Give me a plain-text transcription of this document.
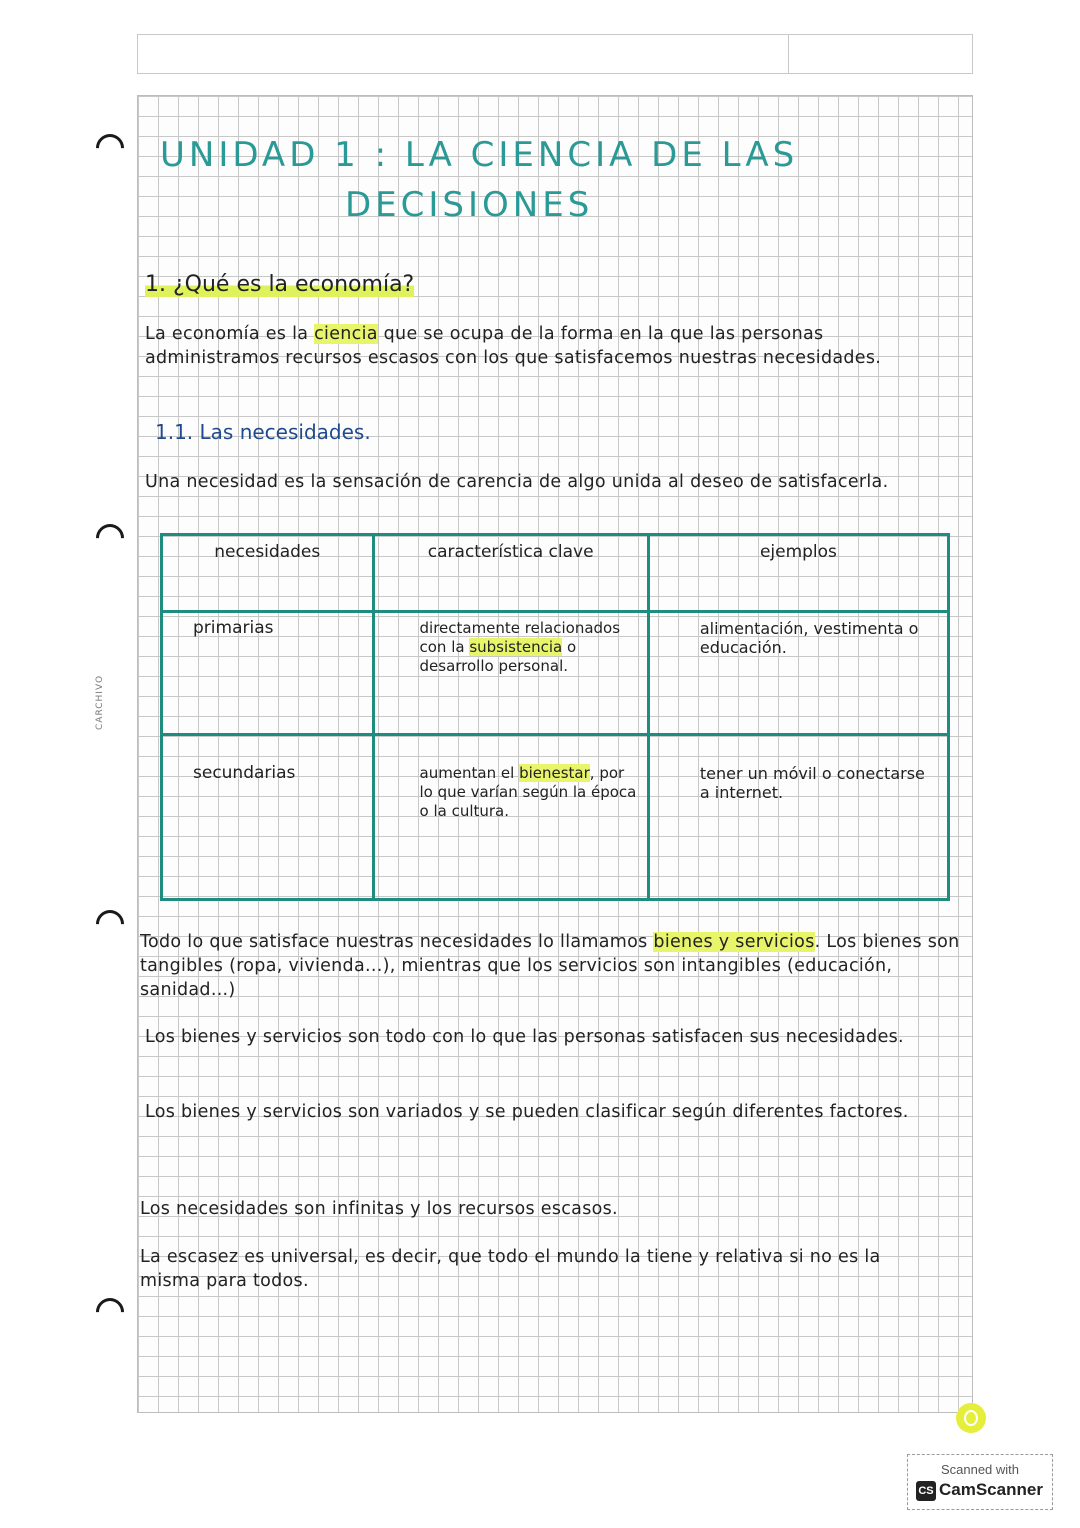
CARCHIVO
UNIDAD 1 : LA CIENCIA DE LAS
DECISIONES
1. ¿Qué es la economía?
La economía es la ciencia que se ocupa de la forma en la que las personas administramos recursos escasos con los que satisfacemos nuestras necesidades.
1.1. Las necesidades.
Una necesidad es la sensación de carencia de algo unida al deseo de satisfacerla.
necesidades	característica clave	ejemplos
primarias	directamente relacionados con la subsistencia o desarrollo personal.	alimentación, vestimenta o educación.
secundarias	aumentan el bienestar, por lo que varían según la época o la cultura.	tener un móvil o conectarse a internet.
Todo lo que satisface nuestras necesidades lo llamamos bienes y servicios. Los bienes son tangibles (ropa, vivienda...), mientras que los servicios son intangibles (educación, sanidad...)
Los bienes y servicios son todo con lo que las personas satisfacen sus necesidades.
Los bienes y servicios son variados y se pueden clasificar según diferentes factores.
Los necesidades son infinitas y los recursos escasos.
La escasez es universal, es decir, que todo el mundo la tiene y relativa si no es la misma para todos.
Scanned with
CS CamScanner
